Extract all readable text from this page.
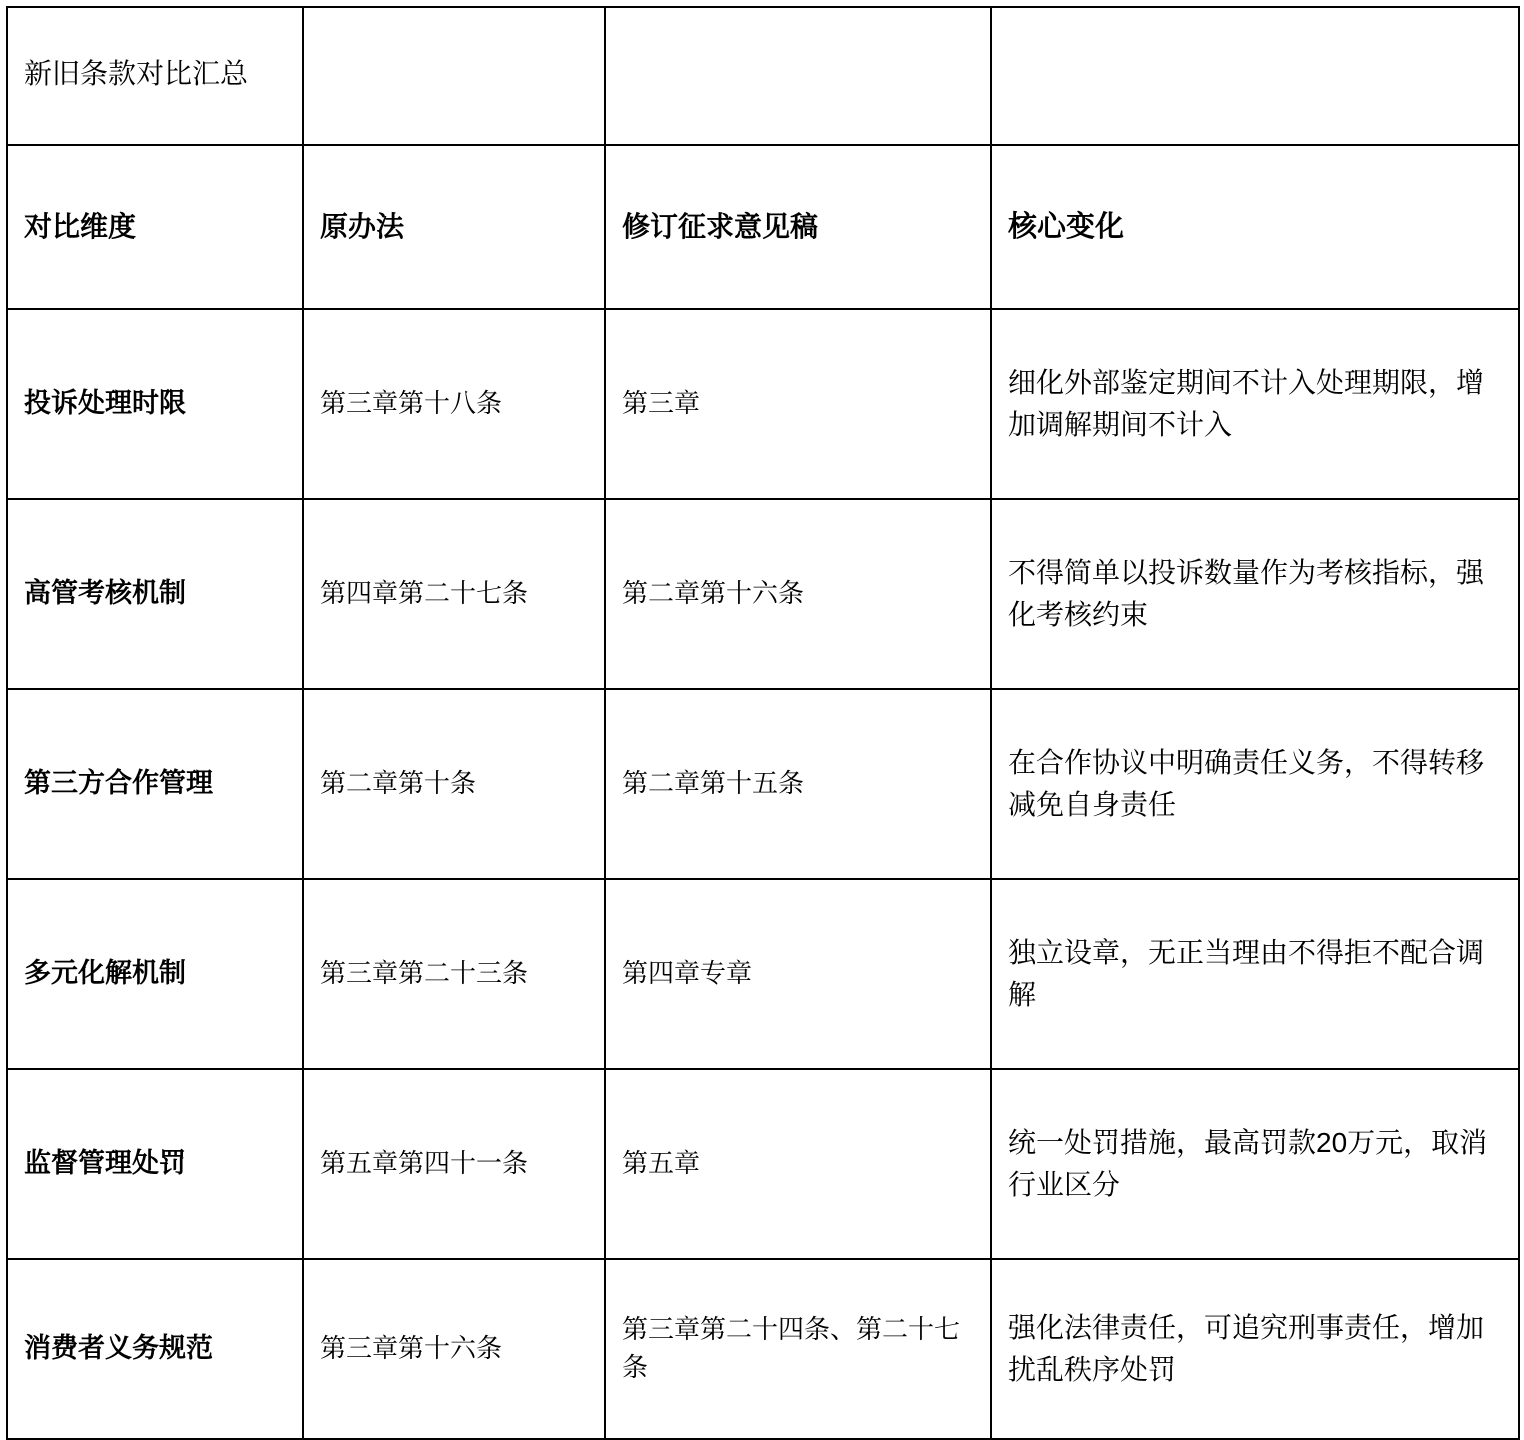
新旧条款对比汇总			
对比维度	原办法	修订征求意见稿	核心变化
投诉处理时限	第三章第十八条	第三章	细化外部鉴定期间不计入处理期限，增加调解期间不计入
高管考核机制	第四章第二十七条	第二章第十六条	不得简单以投诉数量作为考核指标，强化考核约束
第三方合作管理	第二章第十条	第二章第十五条	在合作协议中明确责任义务，不得转移减免自身责任
多元化解机制	第三章第二十三条	第四章专章	独立设章，无正当理由不得拒不配合调解
监督管理处罚	第五章第四十一条	第五章	统一处罚措施，最高罚款20万元，取消行业区分
消费者义务规范	第三章第十六条	第三章第二十四条、第二十七条	强化法律责任，可追究刑事责任，增加扰乱秩序处罚
